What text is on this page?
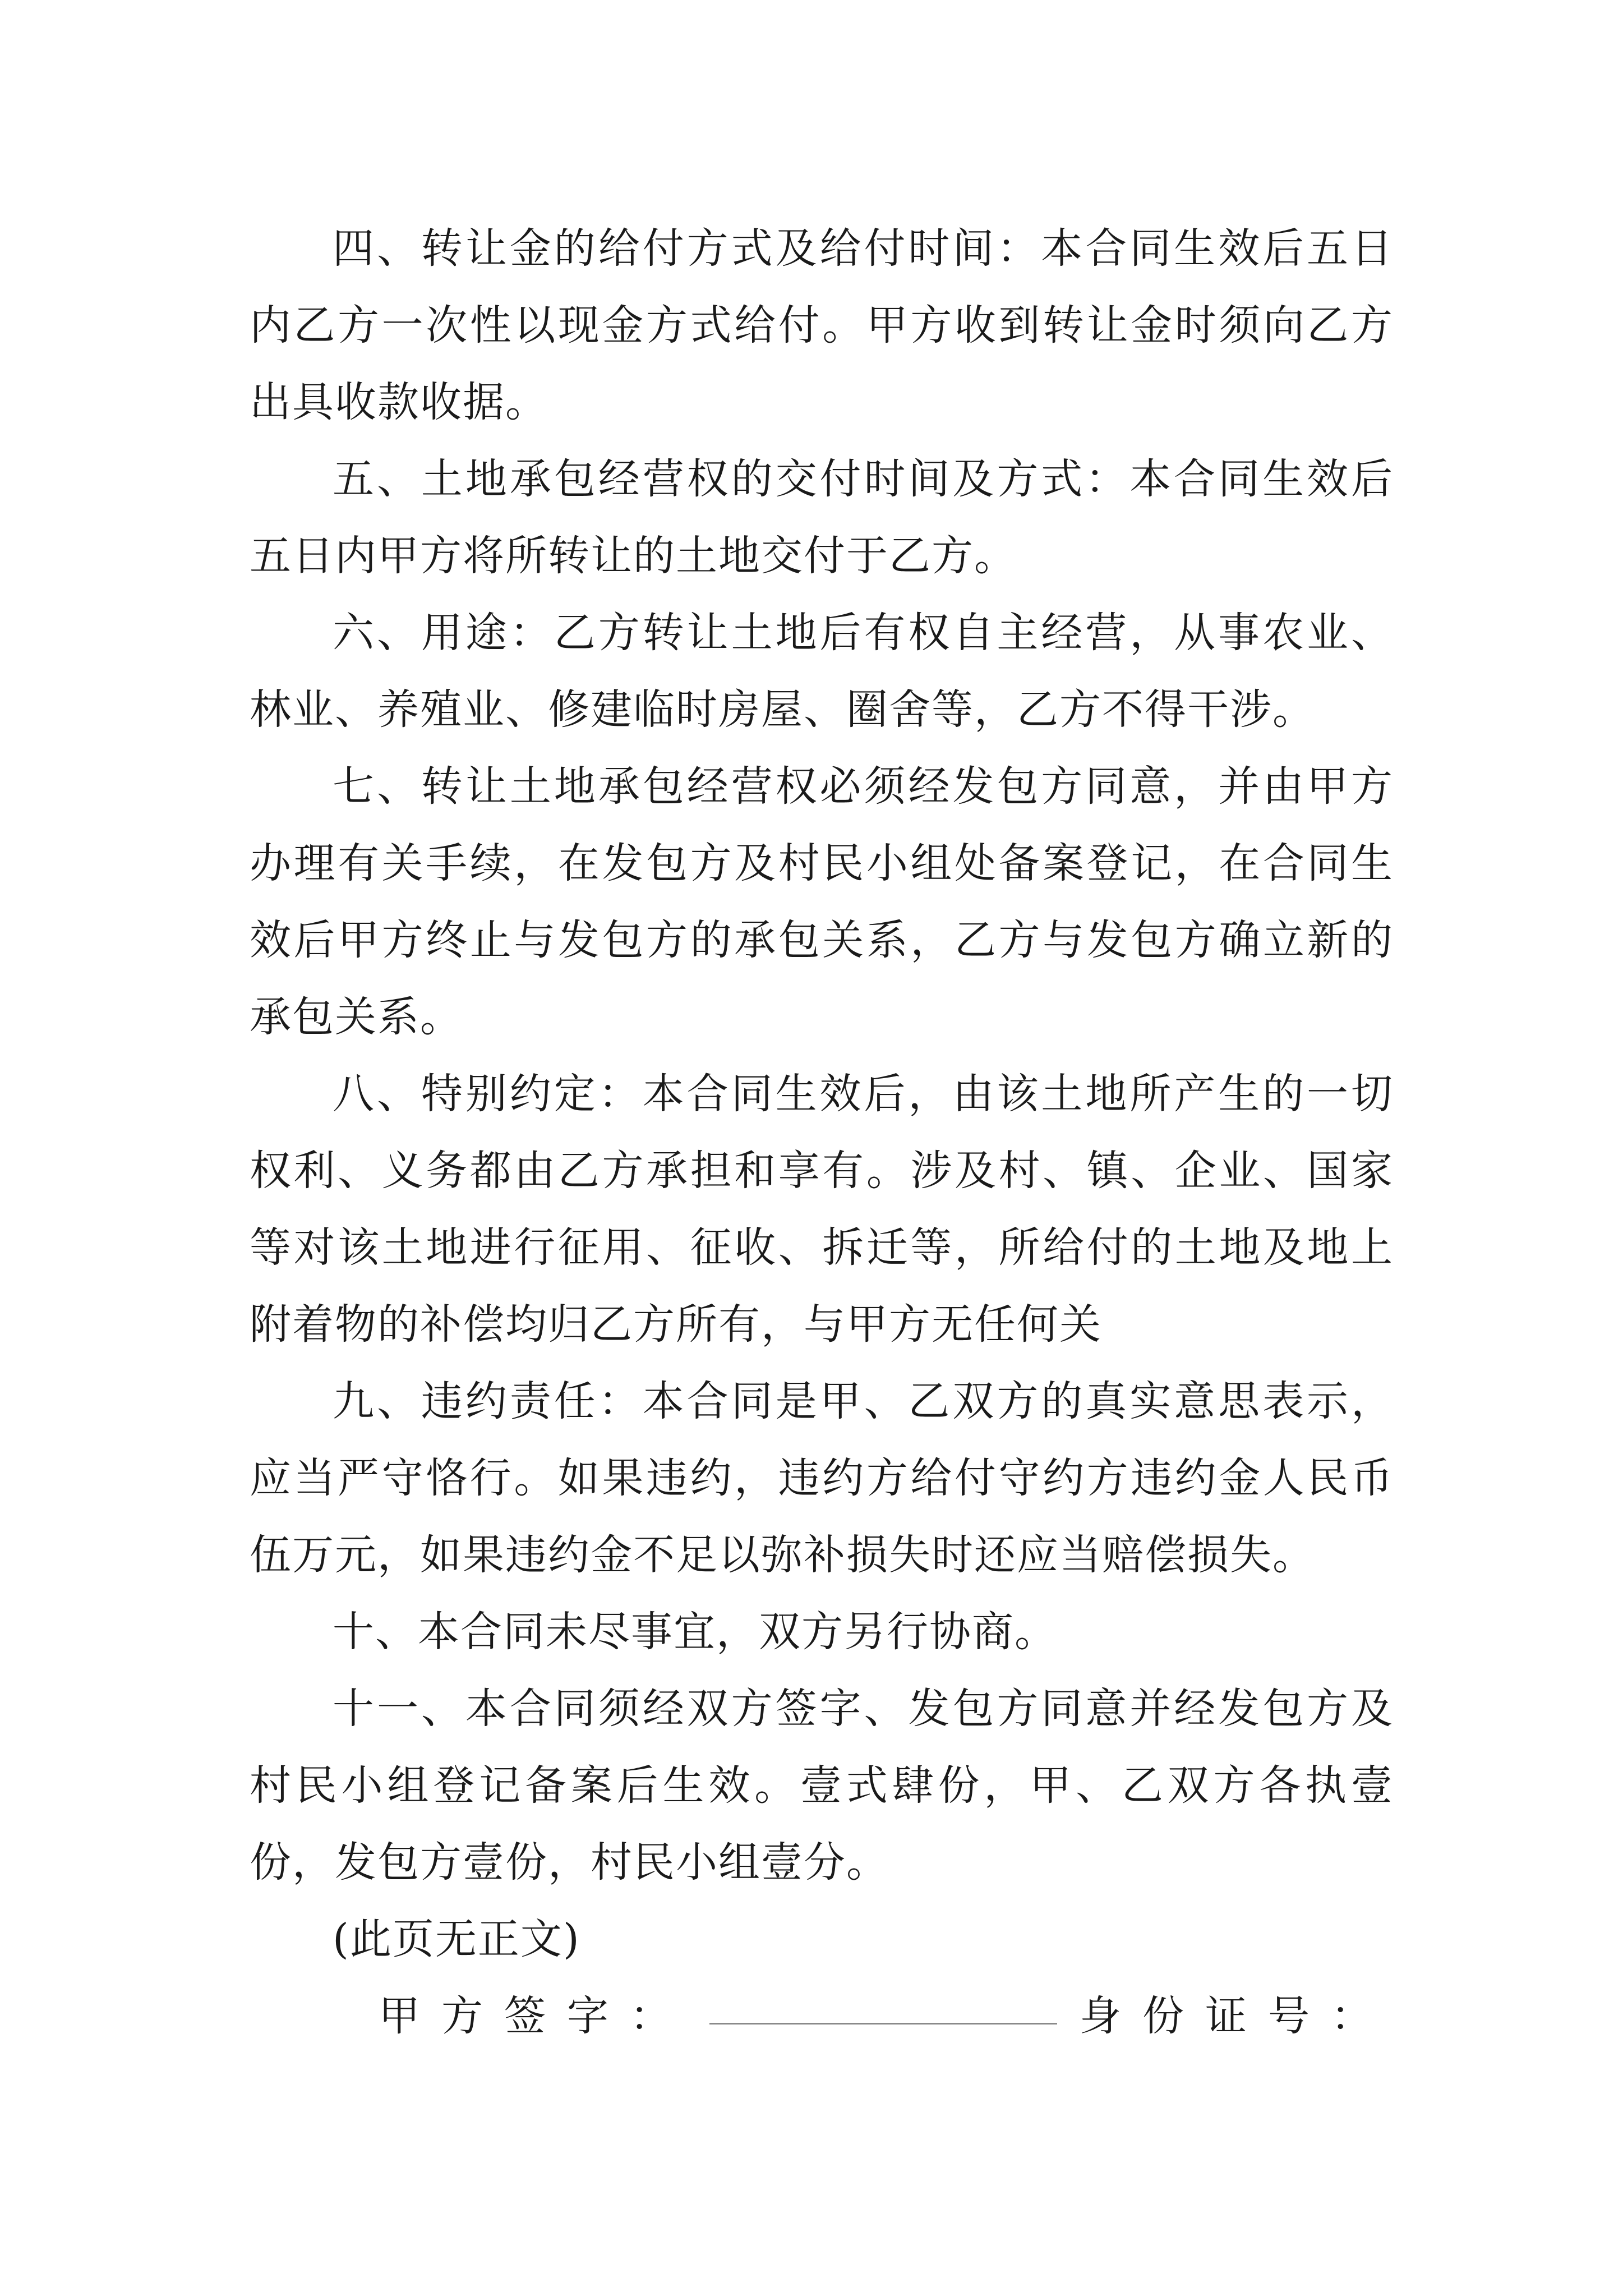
四、转让金的给付方式及给付时间：本合同生效后五日内乙方一次性以现金方式给付。甲方收到转让金时须向乙方出具收款收据。

五、土地承包经营权的交付时间及方式：本合同生效后五日内甲方将所转让的土地交付于乙方。

六、用途：乙方转让土地后有权自主经营，从事农业、林业、养殖业、修建临时房屋、圈舍等，乙方不得干涉。

七、转让土地承包经营权必须经发包方同意，并由甲方办理有关手续，在发包方及村民小组处备案登记，在合同生效后甲方终止与发包方的承包关系，乙方与发包方确立新的承包关系。

八、特别约定：本合同生效后，由该土地所产生的一切权利、义务都由乙方承担和享有。涉及村、镇、企业、国家等对该土地进行征用、征收、拆迁等，所给付的土地及地上附着物的补偿均归乙方所有，与甲方无任何关

九、违约责任：本合同是甲、乙双方的真实意思表示，应当严守恪行。如果违约，违约方给付守约方违约金人民币伍万元，如果违约金不足以弥补损失时还应当赔偿损失。

十、本合同未尽事宜，双方另行协商。

十一、本合同须经双方签字、发包方同意并经发包方及村民小组登记备案后生效。壹式肆份，甲、乙双方各执壹份，发包方壹份，村民小组壹分。

(此页无正文)

甲方签字：	身份证号：
